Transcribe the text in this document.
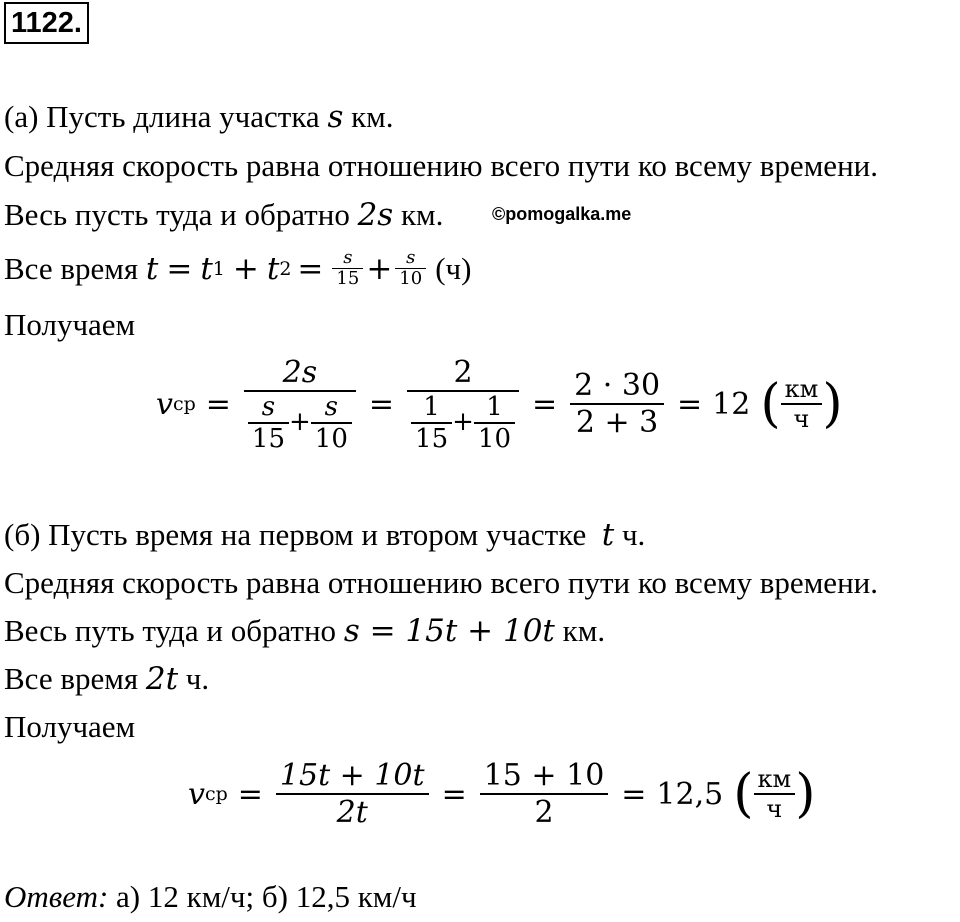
1122.
(а) Пусть длина участка s км.
Средняя скорость равна отношению всего пути ко всему времени.
Весь пусть туда и обратно 2s км.	©pomogalka.me
Все время t = t 1 + t $2 = \frac{s}{15} + \frac{s}{10} (ч)$
Получаем
v ср = $\frac{2s}{\frac{s}{15} + \frac{s}{10}} = \frac{2}{\frac{1}{15} + \frac{1}{10}} = \frac{2 \cdot 30}{2 + 3} = 12$ ( $\frac{км}{ч}$ )
(б) Пусть время на первом и втором участке  t ч.
Средняя скорость равна отношению всего пути ко всему времени.
Весь путь туда и обратно s = 15t + 10t км.
Все время 2t ч.
Получаем
v ср = $\frac{15t + 10t}{2t} = \frac{15 + 10}{2} = 12,5$ ( $\frac{км}{ч}$ )
Ответ: а) 12 км/ч; б) 12,5 км/ч
